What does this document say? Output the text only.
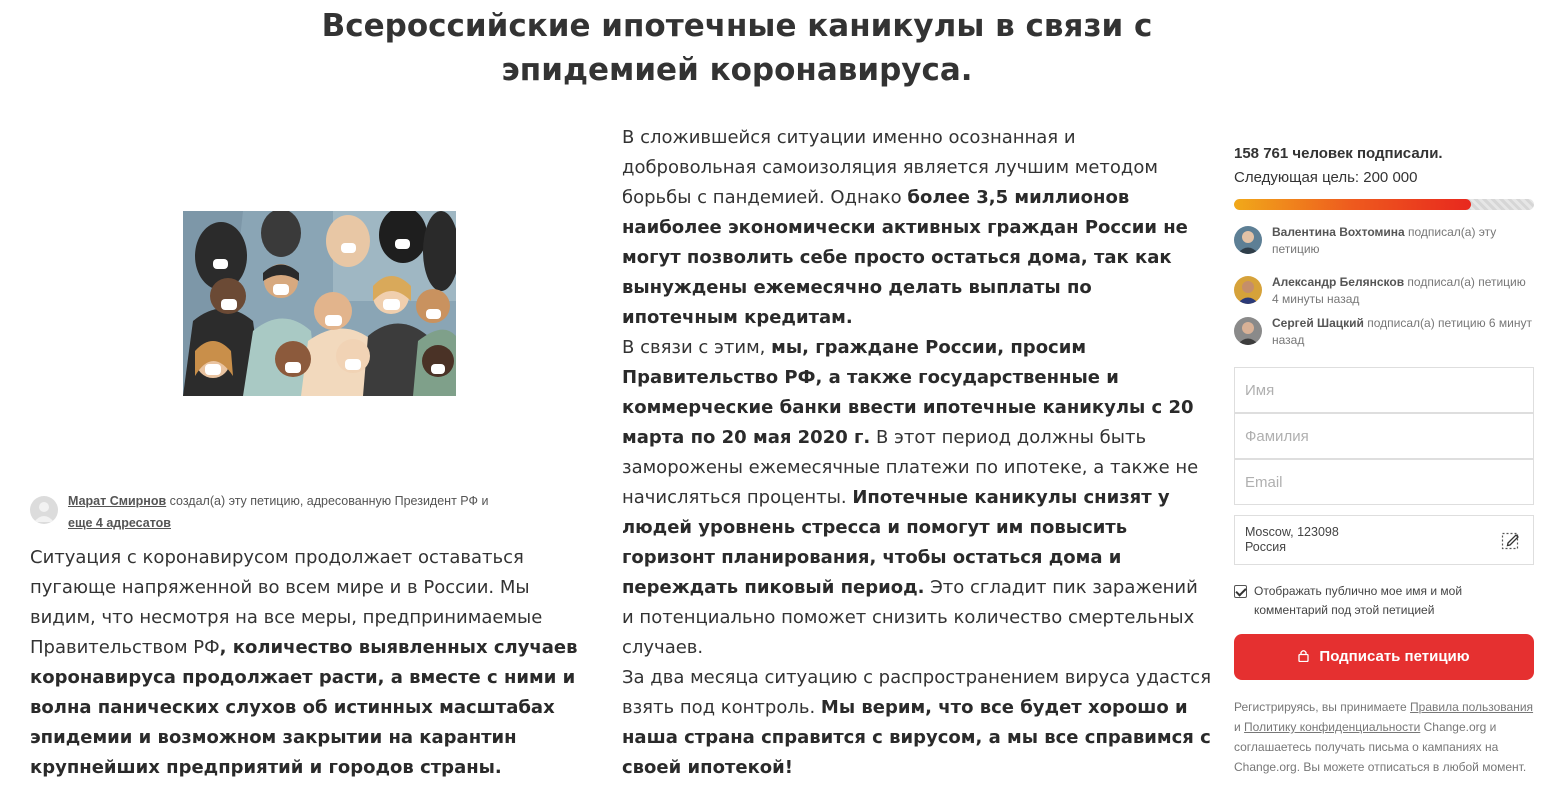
Всероссийские ипотечные каникулы в связи с эпидемией коронавируса.
Марат Смирнов создал(а) эту петицию, адресованную Президент РФ и
еще 4 адресатов
Ситуация с коронавирусом продолжает оставаться пугающе напряженной во всем мире и в России. Мы видим, что несмотря на все меры, предпринимаемые Правительством РФ, количество выявленных случаев коронавируса продолжает расти, а вместе с ними и волна панических слухов об истинных масштабах эпидемии и возможном закрытии на карантин крупнейших предприятий и городов страны.
В сложившейся ситуации именно осознанная и добровольная самоизоляция является лучшим методом борьбы с пандемией. Однако более 3,5 миллионов наиболее экономически активных граждан России не могут позволить себе просто остаться дома, так как вынуждены ежемесячно делать выплаты по ипотечным кредитам.
В связи с этим, мы, граждане России, просим Правительство РФ, а также государственные и коммерческие банки ввести ипотечные каникулы с 20 марта по 20 мая 2020 г. В этот период должны быть заморожены ежемесячные платежи по ипотеке, а также не начисляться проценты. Ипотечные каникулы снизят у людей уровнень стресса и помогут им повысить горизонт планирования, чтобы остаться дома и переждать пиковый период. Это сгладит пик заражений и потенциально поможет снизить количество смертельных случаев.
За два месяца ситуацию с распространением вируса удастся взять под контроль. Мы верим, что все будет хорошо и наша страна справится с вирусом, а мы все справимся с своей ипотекой!
158 761 человек подписали.
Следующая цель: 200 000
Валентина Вохтомина подписал(а) эту петицию
Александр Белянсков подписал(а) петицию 4 минуты назад
Сергей Шацкий подписал(а) петицию 6 минут назад
Имя
Фамилия
Email
Moscow, 123098
Россия
Отображать публично мое имя и мой комментарий под этой петицией
Подписать петицию
Регистрируясь, вы принимаете Правила пользования и Политику конфиденциальности Change.org и соглашаетесь получать письма о кампаниях на Change.org. Вы можете отписаться в любой момент.
